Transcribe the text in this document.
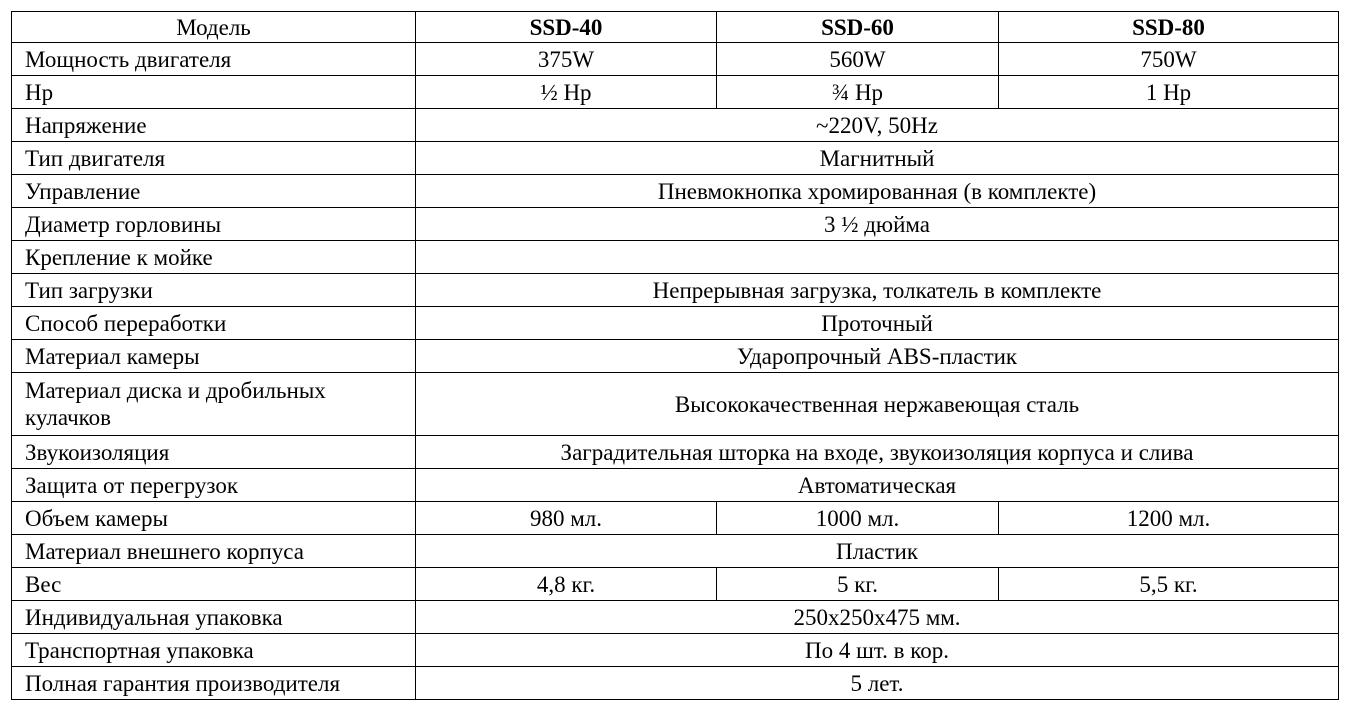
Модель	SSD-40	SSD-60	SSD-80
Мощность двигателя	375W	560W	750W
Hp	½ Hp	¾ Hp	1 Hp
Напряжение	~220V, 50Hz		
Тип двигателя	Магнитный		
Управление	Пневмокнопка хромированная (в комплекте)		
Диаметр горловины	3 ½ дюйма		
Крепление к мойке			
Тип загрузки	Непрерывная загрузка, толкатель в комплекте		
Способ переработки	Проточный		
Материал камеры	Ударопрочный ABS-пластик		
Материал диска и дробильных кулачков	Высококачественная нержавеющая сталь		
Звукоизоляция	Заградительная шторка на входе, звукоизоляция корпуса и слива		
Защита от перегрузок	Автоматическая		
Объем камеры	980 мл.	1000 мл.	1200 мл.
Материал внешнего корпуса	Пластик		
Вес	4,8 кг.	5 кг.	5,5 кг.
Индивидуальная упаковка	250x250x475 мм.		
Транспортная упаковка	По 4 шт. в кор.		
Полная гарантия производителя	5 лет.		
